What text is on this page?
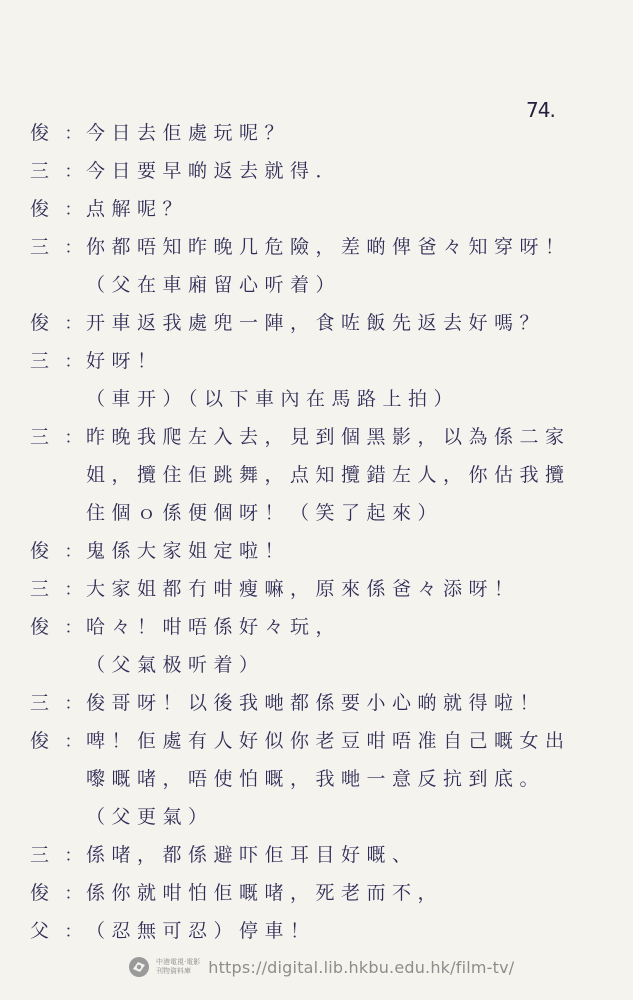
74.
俊 ： 今日去佢處玩呢？
三 ： 今日要早啲返去就得．
俊 ： 点解呢？
三 ： 你都唔知昨晚几危險，差啲俾爸々知穿呀！
（父在車廂留心听着）
俊 ： 开車返我處兜一陣，食咗飯先返去好嗎？
三 ： 好呀！
（車开）（以下車內在馬路上拍）
三 ： 昨晚我爬左入去，見到個黑影，以為係二家
姐，攬住佢跳舞，点知攬錯左人，你估我攬
住個ｏ係便個呀！（笑了起來）
俊 ： 鬼係大家姐定啦！
三 ： 大家姐都冇咁瘦嘛，原來係爸々添呀！
俊 ： 哈々！咁唔係好々玩，
（父氣极听着）
三 ： 俊哥呀！以後我哋都係要小心啲就得啦！
俊 ： 啤！佢處有人好似你老豆咁唔准自己嘅女出
嚟嘅啫，唔使怕嘅，我哋一意反抗到底。
（父更氣）
三 ： 係啫，都係避吓佢耳目好嘅、
俊 ： 係你就咁怕佢嘅啫，死老而不，
父 ： （忍無可忍）停車！
中港電視·電影
刊物資料庫	https://digital.lib.hkbu.edu.hk/film-tv/
